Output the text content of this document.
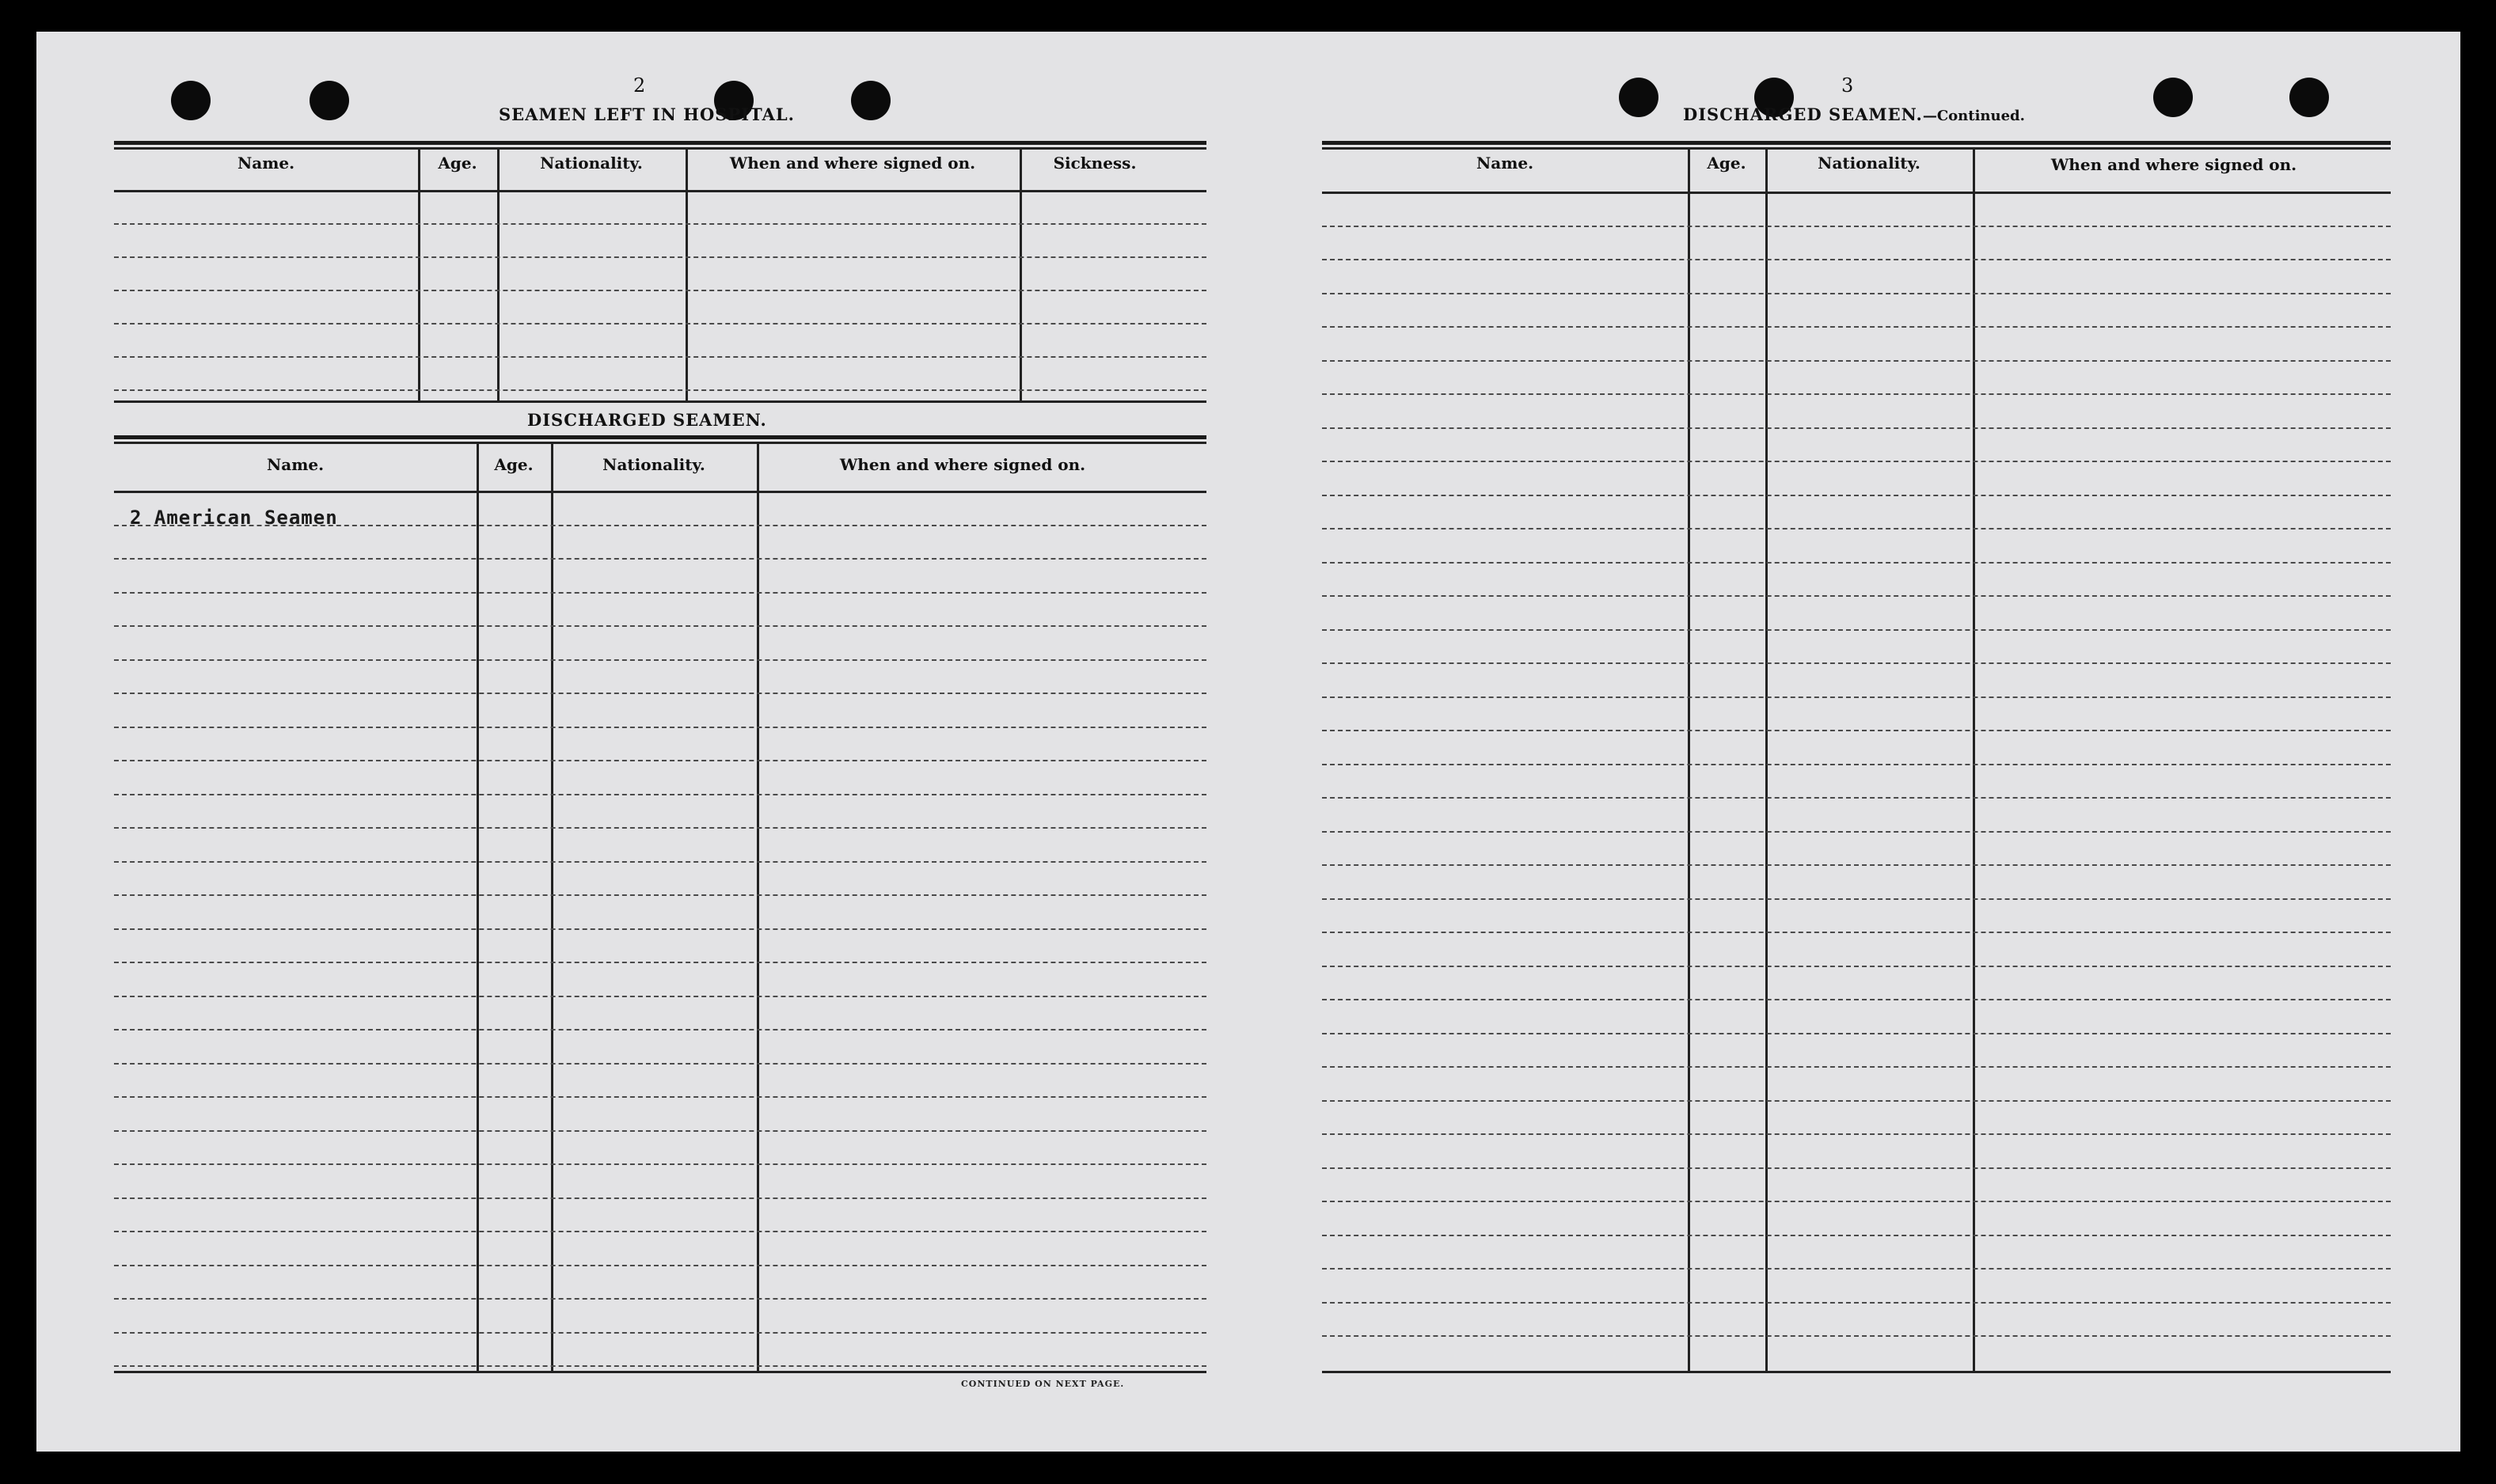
2
SEAMEN LEFT IN HOSPITAL.
Name.	Age.	Nationality.	When and where signed on.	Sickness.
DISCHARGED SEAMEN.
Name.	Age.	Nationality.	When and where signed on.
2 American Seamen
CONTINUED ON NEXT PAGE.
3
DISCHARGED SEAMEN.—Continued.
Name.	Age.	Nationality.	When and where signed on.
